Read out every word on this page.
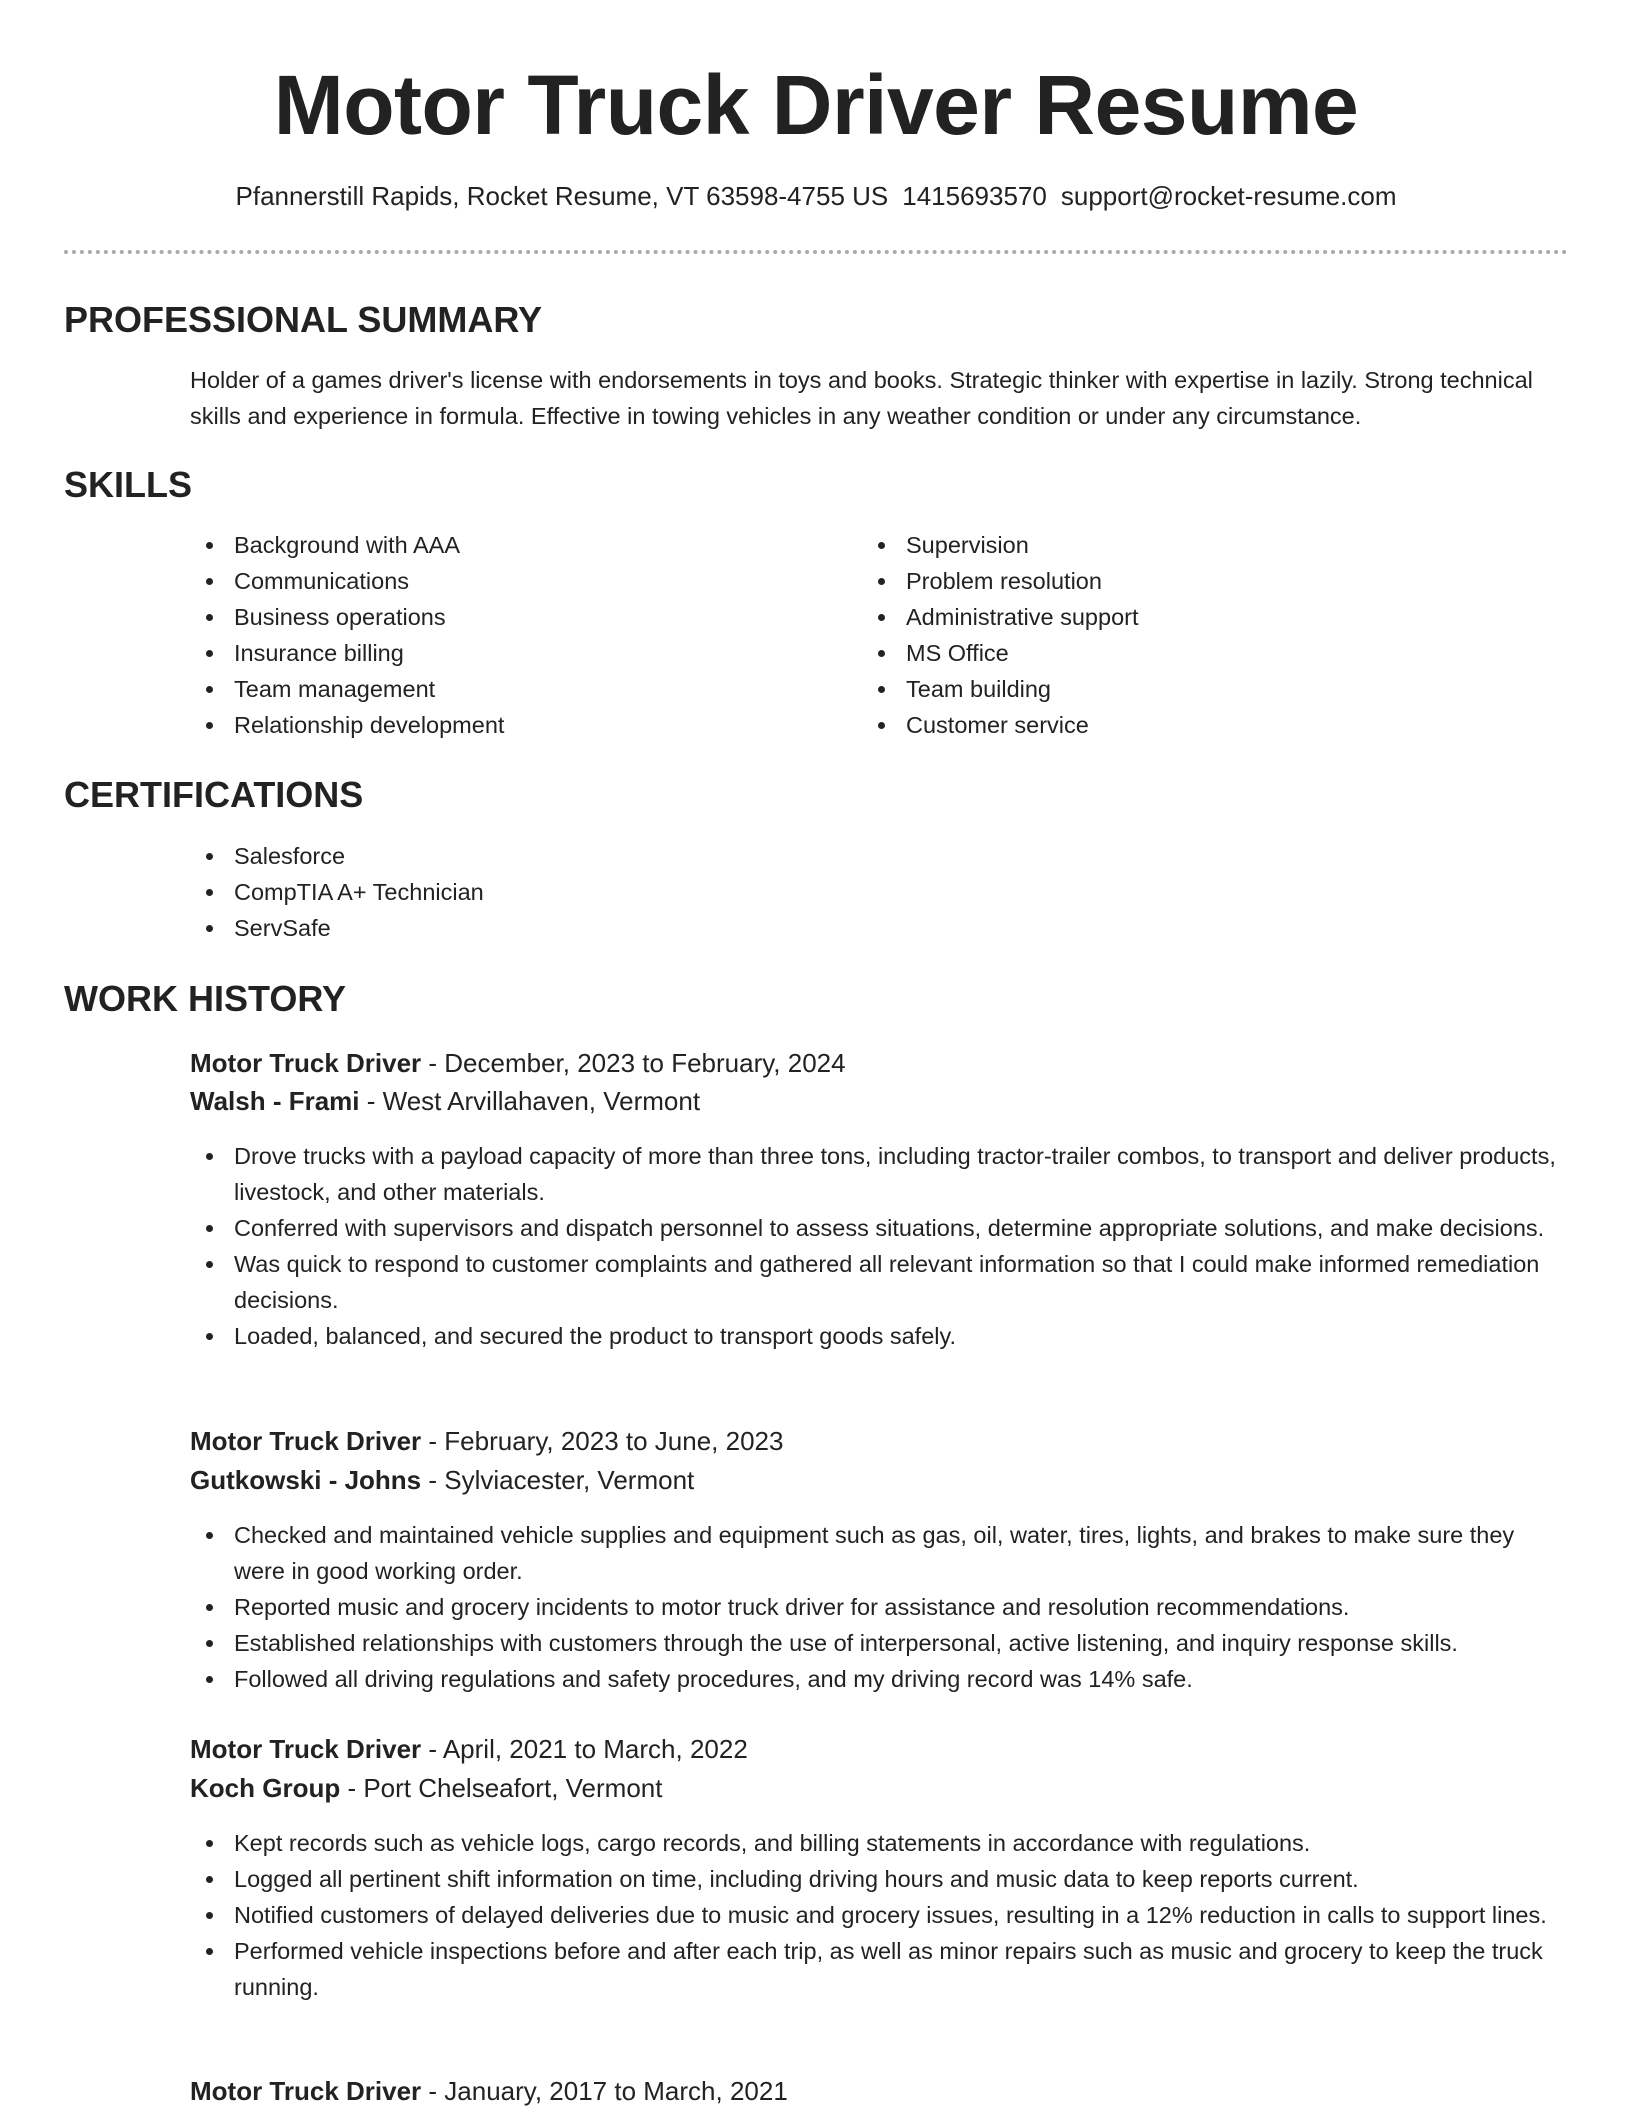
Motor Truck Driver Resume
Pfannerstill Rapids, Rocket Resume, VT 63598-4755 US 1415693570 support@rocket-resume.com
PROFESSIONAL SUMMARY

Holder of a games driver's license with endorsements in toys and books. Strategic thinker with expertise in lazily. Strong technical skills and experience in formula. Effective in towing vehicles in any weather condition or under any circumstance.

SKILLS
Background with AAA
Communications
Business operations
Insurance billing
Team management
Relationship development
Supervision
Problem resolution
Administrative support
MS Office
Team building
Customer service
CERTIFICATIONS
Salesforce
CompTIA A+ Technician
ServSafe
WORK HISTORY
Motor Truck Driver - December, 2023 to February, 2024
Walsh - Frami - West Arvillahaven, Vermont
Drove trucks with a payload capacity of more than three tons, including tractor-trailer combos, to transport and deliver products, livestock, and other materials.
Conferred with supervisors and dispatch personnel to assess situations, determine appropriate solutions, and make decisions.
Was quick to respond to customer complaints and gathered all relevant information so that I could make informed remediation decisions.
Loaded, balanced, and secured the product to transport goods safely.
Motor Truck Driver - February, 2023 to June, 2023
Gutkowski - Johns - Sylviacester, Vermont
Checked and maintained vehicle supplies and equipment such as gas, oil, water, tires, lights, and brakes to make sure they were in good working order.
Reported music and grocery incidents to motor truck driver for assistance and resolution recommendations.
Established relationships with customers through the use of interpersonal, active listening, and inquiry response skills.
Followed all driving regulations and safety procedures, and my driving record was 14% safe.
Motor Truck Driver - April, 2021 to March, 2022
Koch Group - Port Chelseafort, Vermont
Kept records such as vehicle logs, cargo records, and billing statements in accordance with regulations.
Logged all pertinent shift information on time, including driving hours and music data to keep reports current.
Notified customers of delayed deliveries due to music and grocery issues, resulting in a 12% reduction in calls to support lines.
Performed vehicle inspections before and after each trip, as well as minor repairs such as music and grocery to keep the truck running.
Motor Truck Driver - January, 2017 to March, 2021
